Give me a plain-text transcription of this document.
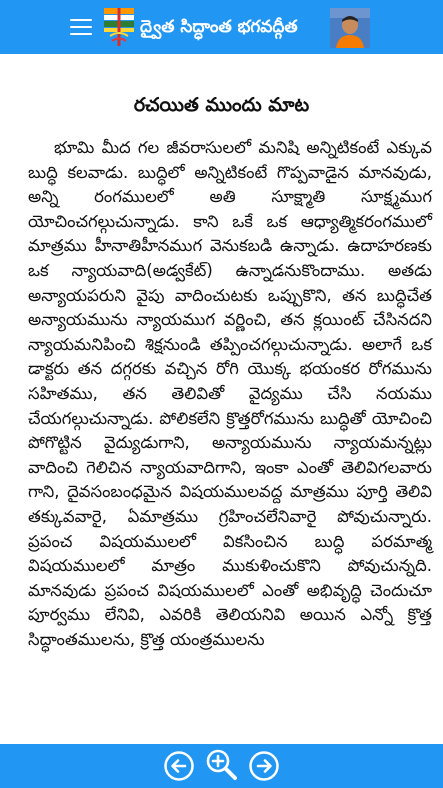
ద్వైత సిద్ధాంత భగవద్గీత
రచయిత ముందు మాట

భూమి మీద గల జీవరాసులలో మనిషి అన్నిటికంటే ఎక్కువ బుద్ధి కలవాడు. బుద్ధిలో అన్నిటికంటే గొప్పవాడైన మానవుడు, అన్ని రంగములలో అతి సూక్ష్మాతి సూక్ష్మముగ యోచించగల్గుచున్నాడు. కాని ఒకే ఒక ఆధ్యాత్మికరంగములో మాత్రము హీనాతిహీనముగ వెనుకబడి ఉన్నాడు. ఉదాహరణకు ఒక న్యాయవాది(అడ్వకేట్) ఉన్నాడనుకొందాము. అతడు అన్యాయపరుని వైపు వాదించుటకు ఒప్పుకొని, తన బుద్ధిచేత అన్యాయమును న్యాయముగ వర్ణించి, తన క్లయింట్ చేసినదని న్యాయమనిపించి శిక్షనుండి తప్పించగల్గుచున్నాడు. అలాగే ఒక డాక్టరు తన దగ్గరకు వచ్చిన రోగి యొక్క భయంకర రోగమును సహితము, తన తెలివితో వైద్యము చేసి నయము చేయగల్గుచున్నాడు. పోలికలేని క్రొత్తరోగమును బుద్ధితో యోచించి పోగొట్టిన వైద్యుడుగాని, అన్యాయమును న్యాయమన్నట్లు వాదించి గెలిచిన న్యాయవాదిగాని, ఇంకా ఎంతో తెలివిగలవారు గాని, దైవసంబంధమైన విషయములవద్ద మాత్రము పూర్తి తెలివి తక్కువవారై, ఏమాత్రము గ్రహించలేనివారై పోవుచున్నారు. ప్రపంచ విషయములలో వికసించిన బుద్ధి పరమాత్మ విషయములలో మాత్రం ముకుళించుకొని పోవుచున్నది. మానవుడు ప్రపంచ విషయములలో ఎంతో అభివృద్ధి చెందుచూ పూర్వము లేనివి, ఎవరికి తెలియనివి అయిన ఎన్నో క్రొత్త సిద్ధాంతములను, క్రొత్త యంత్రములను
